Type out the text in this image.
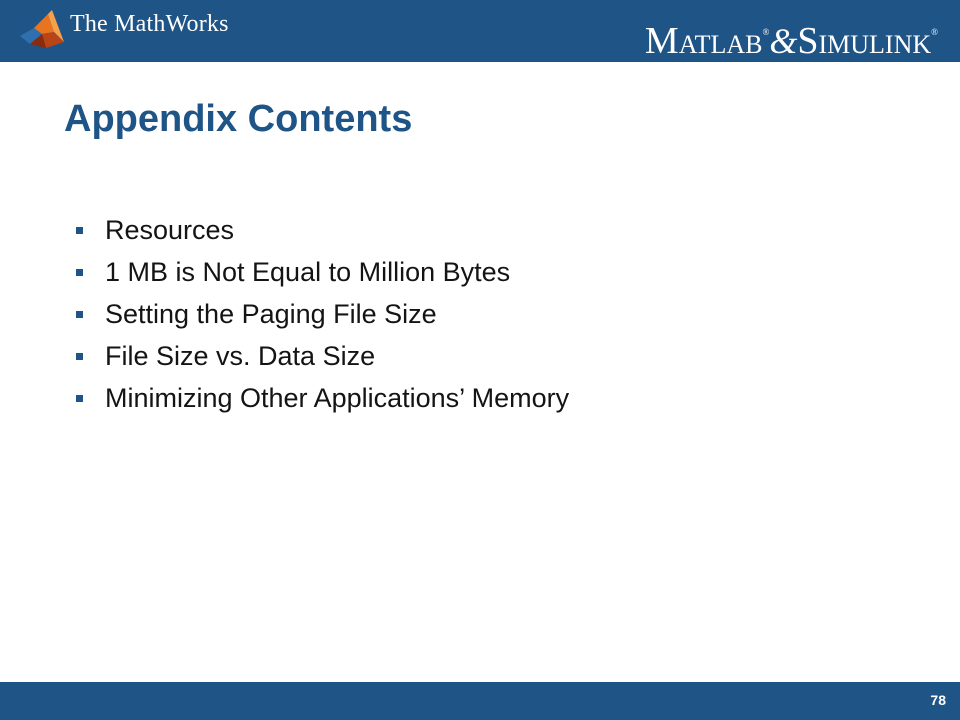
The MathWorks	MATLAB®&SIMULINK®
Appendix Contents
Resources
1 MB is Not Equal to Million Bytes
Setting the Paging File Size
File Size vs. Data Size
Minimizing Other Applications’ Memory
78
